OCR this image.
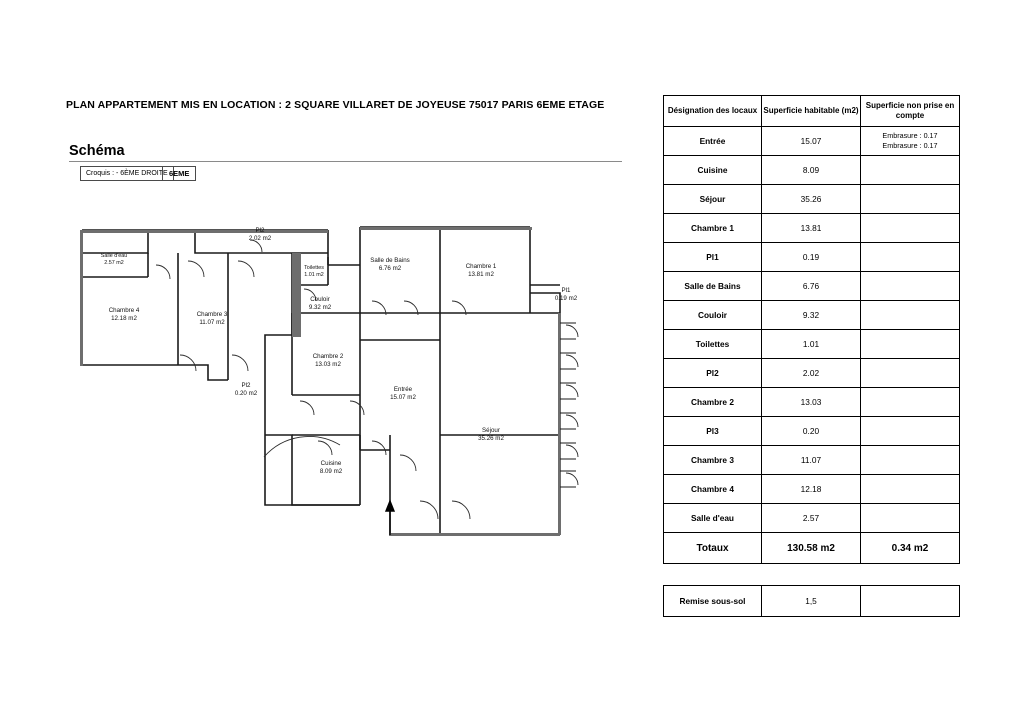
PLAN APPARTEMENT MIS EN LOCATION : 2 SQUARE VILLARET DE JOYEUSE 75017 PARIS 6EME ETAGE
Schéma
Croquis : - 6ÈME DROITE 6EME
Pl2
2.02 m2
Salle d'eau
2.57 m2
Toilettes
1.01 m2
Salle de Bains
6.76 m2	Chambre 1
13.81 m2
Couloir
9.32 m2
Pl1
0.19 m2
Chambre 4
12.18 m2
Chambre 3
11.07 m2
Chambre 2
13.03 m2
Pl2
0.20 m2
Entrée
15.07 m2
Séjour
35.26 m2
Cuisine
8.09 m2
Désignation des locaux	Superficie habitable (m2)	Superficie non prise en compte
Entrée	15.07	Embrasure : 0.17
Embrasure : 0.17

Cuisine	8.09	
Séjour	35.26	
Chambre 1	13.81	
Pl1	0.19	
Salle de Bains	6.76	
Couloir	9.32	
Toilettes	1.01	
Pl2	2.02	
Chambre 2	13.03	
Pl3	0.20	
Chambre 3	11.07	
Chambre 4	12.18	
Salle d'eau	2.57	
Totaux	130.58 m2	0.34 m2
Remise sous-sol	1,5	
